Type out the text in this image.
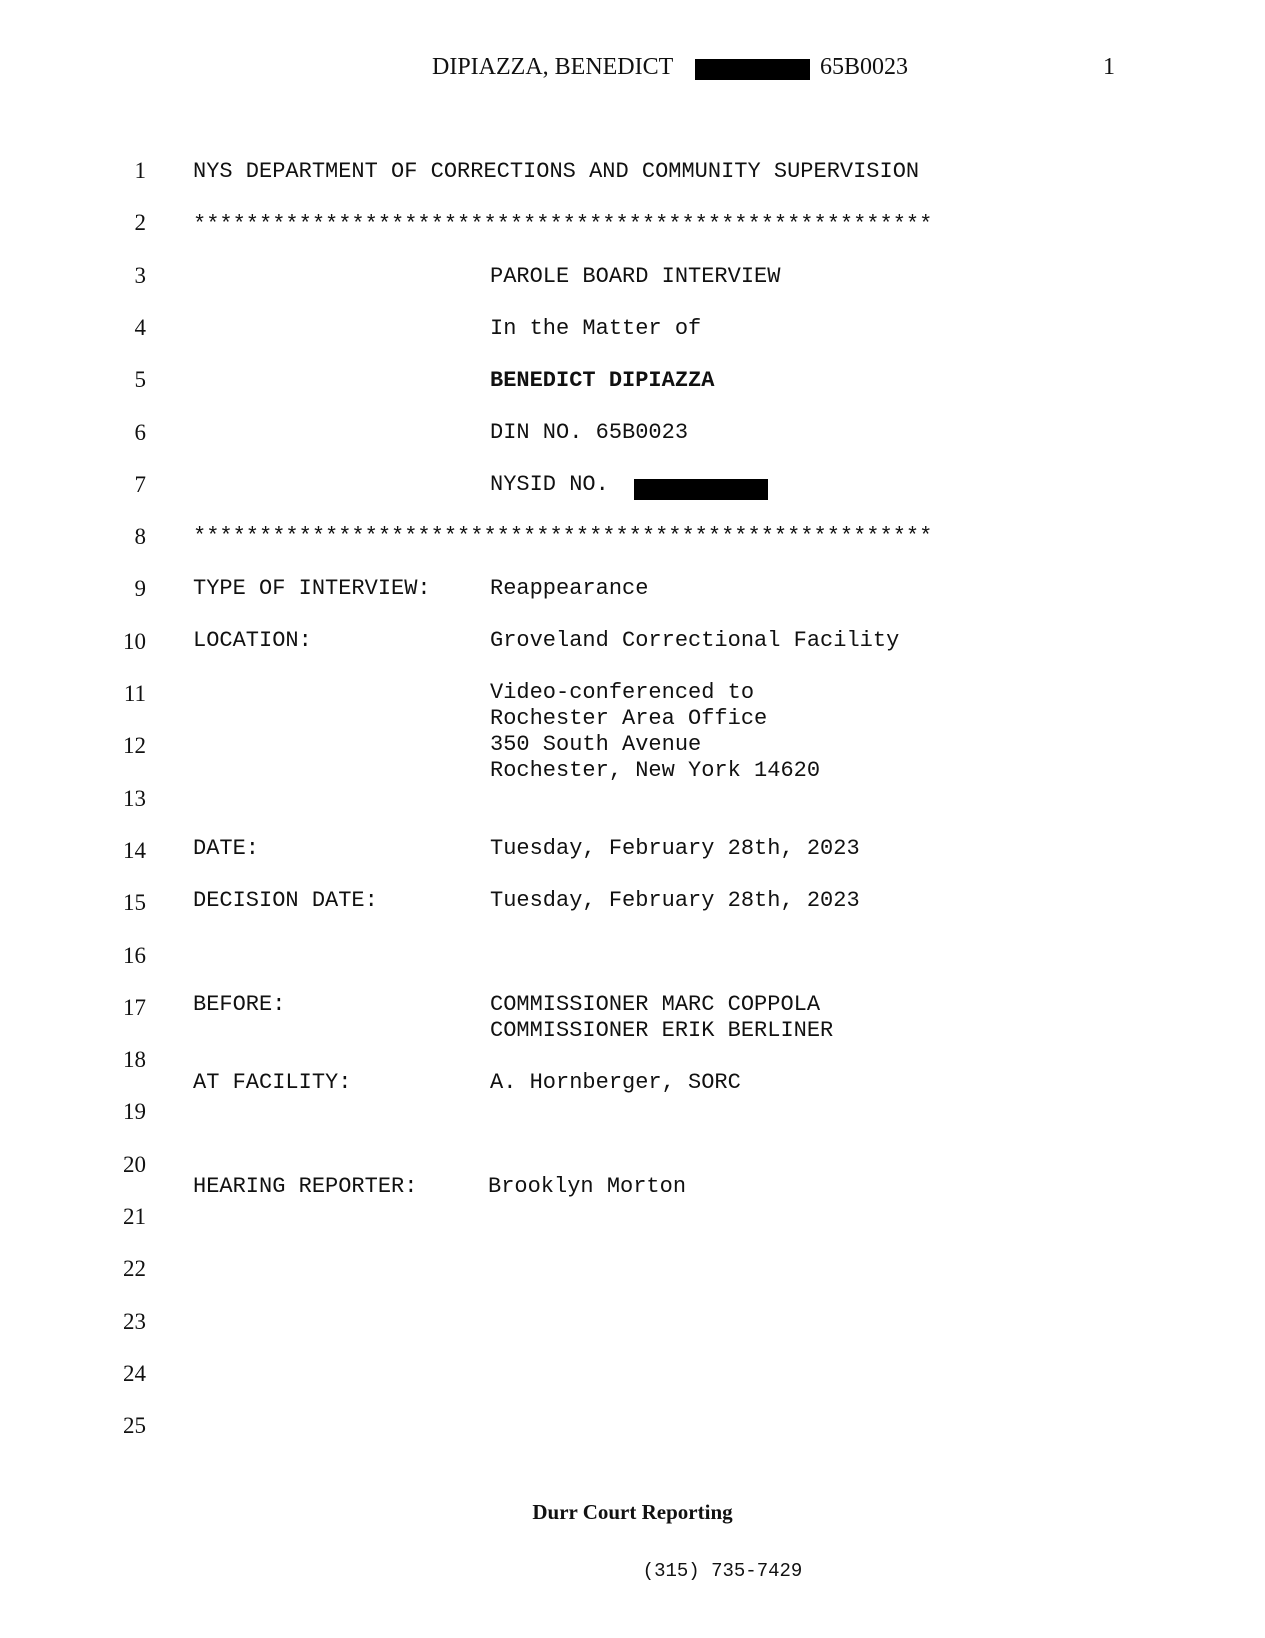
DIPIAZZA, BENEDICT	65B0023	1
1
2
3
4
5
6
7
8
9
10
11
12
13
14
15
16
17
18
19
20
21
22
23
24
25
NYS DEPARTMENT OF CORRECTIONS AND COMMUNITY SUPERVISION
********************************************************
PAROLE BOARD INTERVIEW
In the Matter of
BENEDICT DIPIAZZA
DIN NO. 65B0023
NYSID NO.
********************************************************
TYPE OF INTERVIEW:	Reappearance
LOCATION:	Groveland Correctional Facility
Video-conferenced to
Rochester Area Office
350 South Avenue
Rochester, New York 14620
DATE:	Tuesday, February 28th, 2023
DECISION DATE:	Tuesday, February 28th, 2023
BEFORE:	COMMISSIONER MARC COPPOLA
COMMISSIONER ERIK BERLINER
AT FACILITY:	A. Hornberger, SORC
HEARING REPORTER:	Brooklyn Morton
Durr Court Reporting
(315) 735-7429
